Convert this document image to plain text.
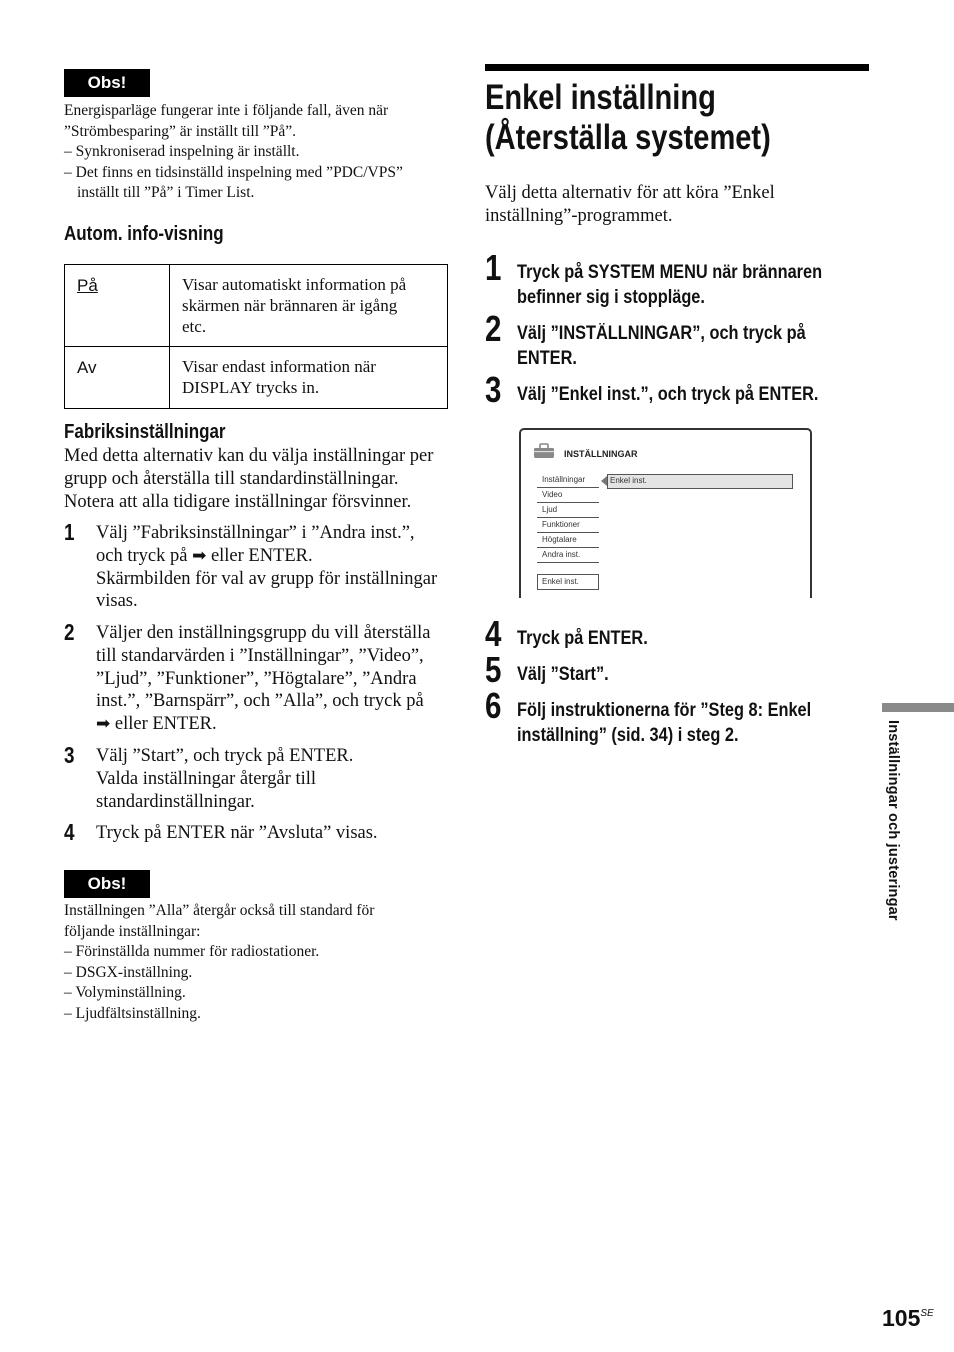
Obs!
Energisparläge fungerar inte i följande fall, även när
”Strömbesparing” är inställt till ”På”.
– Synkroniserad inspelning är inställt.
– Det finns en tidsinställd inspelning med ”PDC/VPS”
inställt till ”På” i Timer List.
Autom. info-visning
På	Visar automatiskt information på
skärmen när brännaren är igång
etc.

Av	Visar endast information när
DISPLAY trycks in.
Fabriksinställningar
Med detta alternativ kan du välja inställningar per
grupp och återställa till standardinställningar.
Notera att alla tidigare inställningar försvinner.
1 Välj ”Fabriksinställningar” i ”Andra inst.”,
och tryck på ➡ eller ENTER.
Skärmbilden för val av grupp för inställningar
visas.
2 Väljer den inställningsgrupp du vill återställa
till standarvärden i ”Inställningar”, ”Video”,
”Ljud”, ”Funktioner”, ”Högtalare”, ”Andra
inst.”, ”Barnspärr”, och ”Alla”, och tryck på
➡ eller ENTER.
3 Välj ”Start”, och tryck på ENTER.
Valda inställningar återgår till
standardinställningar.
4 Tryck på ENTER när ”Avsluta” visas.
Obs!
Inställningen ”Alla” återgår också till standard för
följande inställningar:
– Förinställda nummer för radiostationer.
– DSGX-inställning.
– Volyminställning.
– Ljudfältsinställning.
Enkel inställning
(Återställa systemet)
Välj detta alternativ för att köra ”Enkel
inställning”-programmet.
1 Tryck på SYSTEM MENU när brännaren
befinner sig i stoppläge.
2 Välj ”INSTÄLLNINGAR”, och tryck på
ENTER.
3 Välj ”Enkel inst.”, och tryck på ENTER.
INSTÄLLNINGAR
Inställningar
Video
Ljud
Funktioner
Högtalare
Andra inst.
Enkel inst.
Enkel inst.
4 Tryck på ENTER.
5 Välj ”Start”.
6 Följ instruktionerna för ”Steg 8: Enkel
inställning” (sid. 34) i steg 2.	Inställningar och justeringar
$105^{SE}$
